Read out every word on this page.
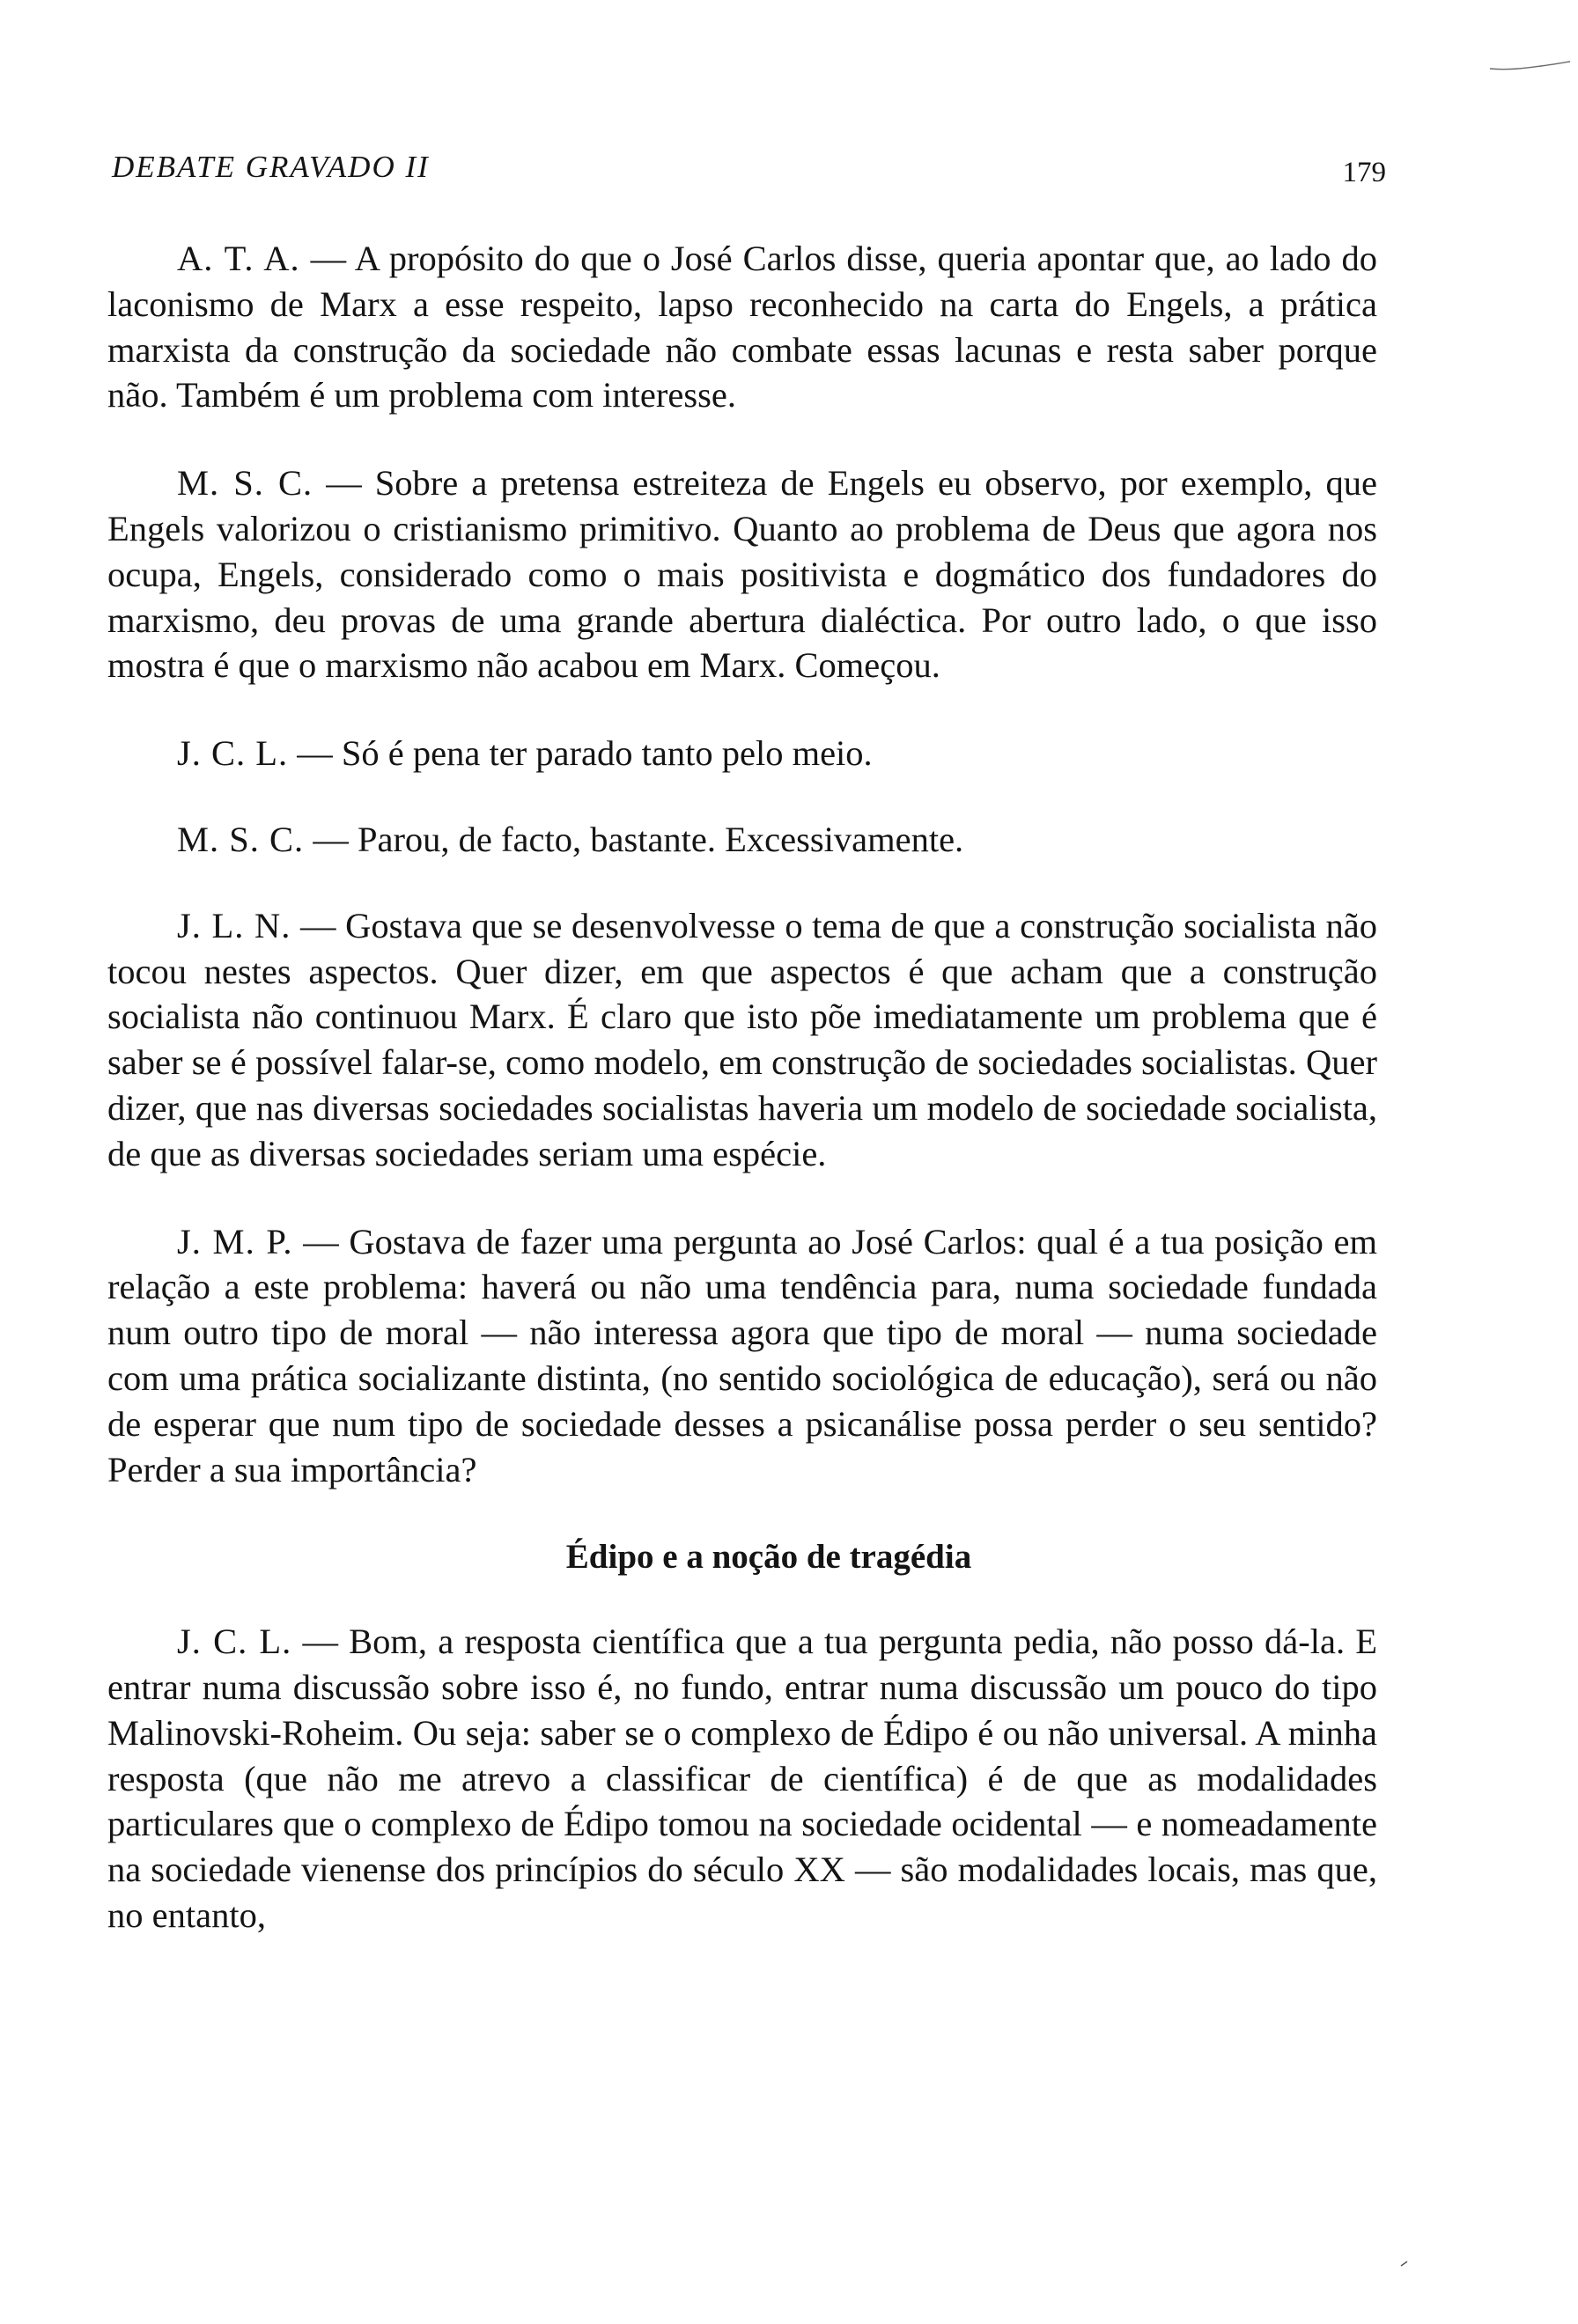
DEBATE GRAVADO II	179

A. T. A. — A propósito do que o José Carlos disse, queria apontar que, ao lado do laconismo de Marx a esse respeito, lapso reconhecido na carta do Engels, a prática marxista da construção da sociedade não combate essas lacunas e resta saber porque não. Também é um problema com interesse.

M. S. C. — Sobre a pretensa estreiteza de Engels eu observo, por exemplo, que Engels valorizou o cristianismo primitivo. Quanto ao problema de Deus que agora nos ocupa, Engels, considerado como o mais positivista e dogmático dos fundadores do marxismo, deu provas de uma grande abertura dialéctica. Por outro lado, o que isso mostra é que o marxismo não acabou em Marx. Começou.

J. C. L. — Só é pena ter parado tanto pelo meio.

M. S. C. — Parou, de facto, bastante. Excessivamente.

J. L. N. — Gostava que se desenvolvesse o tema de que a construção socialista não tocou nestes aspectos. Quer dizer, em que aspectos é que acham que a construção socialista não continuou Marx. É claro que isto põe imediatamente um problema que é saber se é possível falar-se, como modelo, em construção de sociedades socialistas. Quer dizer, que nas diversas sociedades socialistas haveria um modelo de sociedade socialista, de que as diversas sociedades seriam uma espécie.

J. M. P. — Gostava de fazer uma pergunta ao José Carlos: qual é a tua posição em relação a este problema: haverá ou não uma tendência para, numa sociedade fundada num outro tipo de moral — não interessa agora que tipo de moral — numa sociedade com uma prática socializante distinta, (no sentido sociológica de educação), será ou não de esperar que num tipo de sociedade desses a psicanálise possa perder o seu sentido? Perder a sua importância?

Édipo e a noção de tragédia

J. C. L. — Bom, a resposta científica que a tua pergunta pedia, não posso dá-la. E entrar numa discussão sobre isso é, no fundo, entrar numa discussão um pouco do tipo Malinovski-Roheim. Ou seja: saber se o complexo de Édipo é ou não universal. A minha resposta (que não me atrevo a classificar de científica) é de que as modalidades particulares que o complexo de Édipo tomou na sociedade ocidental — e nomeadamente na sociedade vienense dos princípios do século XX — são modalidades locais, mas que, no entanto,
